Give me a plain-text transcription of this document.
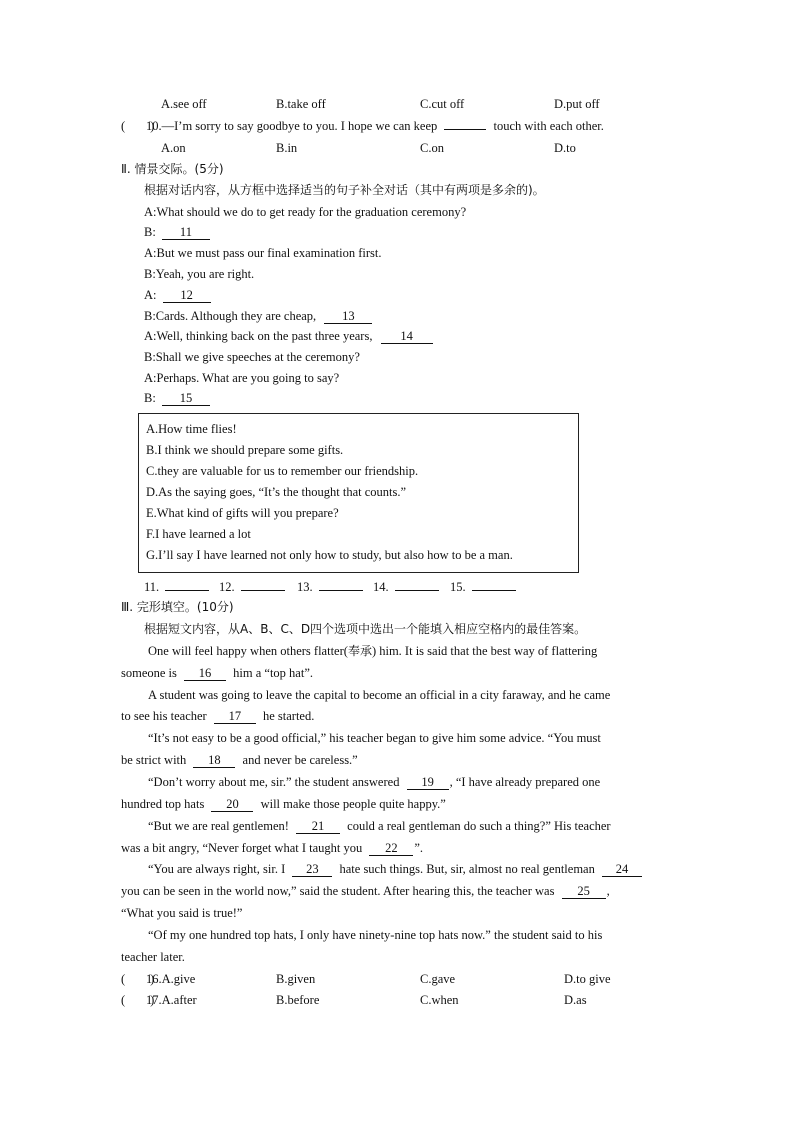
A.see off	B.take off	C.cut off	D.put off
(　　)
10.—I’m sorry to say goodbye to you. I hope we can keep	touch with each other.
A.on	B.in	C.on	D.to
Ⅱ. 情景交际。(5分)
根据对话内容，从方框中选择适当的句子补全对话（其中有两项是多余的)。
A:What should we do to get ready for the graduation ceremony?
B: 11
A:But we must pass our final examination first.
B:Yeah, you are right.
A: 12
B:Cards. Although they are cheap, 13
A:Well, thinking back on the past three years, 14
B:Shall we give speeches at the ceremony?
A:Perhaps. What are you going to say?
B: 15
A.How time flies!
B.I think we should prepare some gifts.
C.they are valuable for us to remember our friendship.
D.As the saying goes, “It’s the thought that counts.”
E.What kind of gifts will you prepare?
F.I have learned a lot
G.I’ll say I have learned not only how to study, but also how to be a man.
11.	12.	13.	14.	15.
Ⅲ. 完形填空。(10分)
根据短文内容，从A、B、C、D四个选项中选出一个能填入相应空格内的最佳答案。
One will feel happy when others flatter(奉承) him. It is said that the best way of flattering
someone is 16 him a “top hat”.
A student was going to leave the capital to become an official in a city faraway, and he came
to see his teacher 17 he started.
“It’s not easy to be a good official,” his teacher began to give him some advice. “You must
be strict with 18 and never be careless.”
“Don’t worry about me, sir.” the student answered 19 , “I have already prepared one
hundred top hats 20 will make those people quite happy.”
“But we are real gentlemen! 21 could a real gentleman do such a thing?” His teacher
was a bit angry, “Never forget what I taught you 22 ”.
“You are always right, sir. I 23 hate such things. But, sir, almost no real gentleman 24
you can be seen in the world now,” said the student. After hearing this, the teacher was 25 ,
“What you said is true!”
“Of my one hundred top hats, I only have ninety-nine top hats now.” the student said to his
teacher later.
(　　)
16.A.give	B.given	C.gave	D.to give
(　　)
17.A.after	B.before	C.when	D.as
